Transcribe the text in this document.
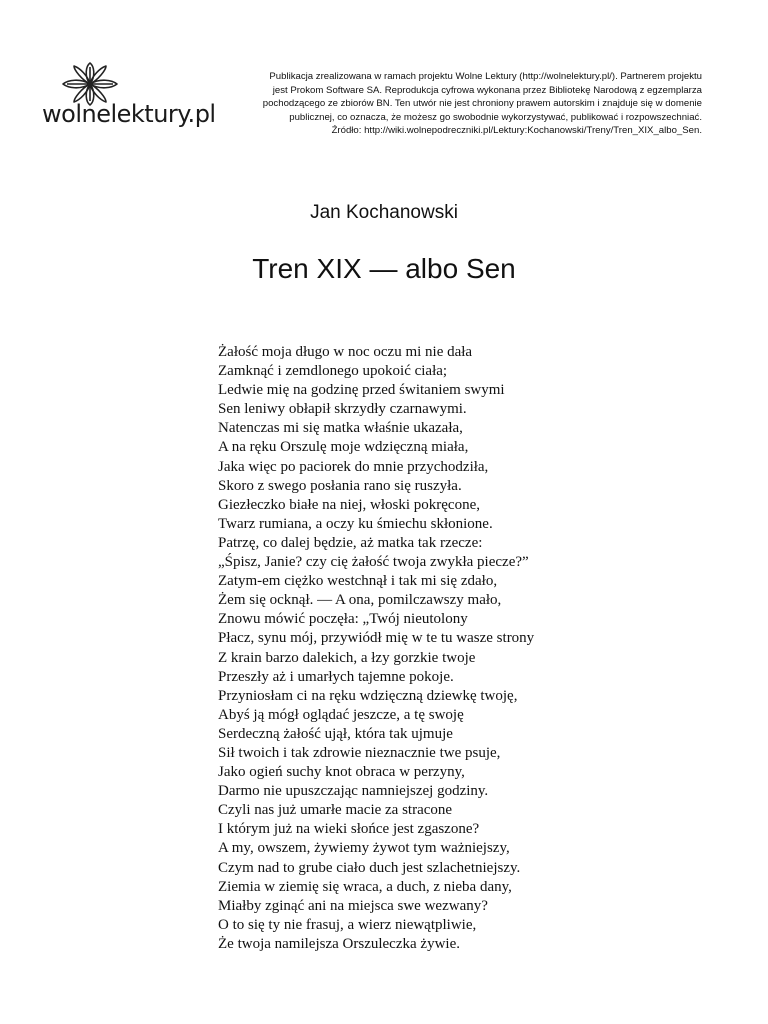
wolnelektury.pl
Publikacja zrealizowana w ramach projektu Wolne Lektury (http://wolnelektury.pl/). Partnerem projektu
jest Prokom Software SA. Reprodukcja cyfrowa wykonana przez Bibliotekę Narodową z egzemplarza
pochodzącego ze zbiorów BN. Ten utwór nie jest chroniony prawem autorskim i znajduje się w domenie
publicznej, co oznacza, że możesz go swobodnie wykorzystywać, publikować i rozpowszechniać.
Źródło: http://wiki.wolnepodreczniki.pl/Lektury:Kochanowski/Treny/Tren_XIX_albo_Sen.
Jan Kochanowski
Tren XIX — albo Sen
Żałość moja długo w noc oczu mi nie dała
Zamknąć i zemdlonego upokoić ciała;
Ledwie mię na godzinę przed świtaniem swymi
Sen leniwy obłapił skrzydły czarnawymi.
Natenczas mi się matka właśnie ukazała,
A na ręku Orszulę moje wdzięczną miała,
Jaka więc po paciorek do mnie przychodziła,
Skoro z swego posłania rano się ruszyła.
Giezłeczko białe na niej, włoski pokręcone,
Twarz rumiana, a oczy ku śmiechu skłonione.
Patrzę, co dalej będzie, aż matka tak rzecze:
„Śpisz, Janie? czy cię żałość twoja zwykła piecze?”
Zatym-em ciężko westchnął i tak mi się zdało,
Żem się ocknął. — A ona, pomilczawszy mało,
Znowu mówić poczęła: „Twój nieutolony
Płacz, synu mój, przywiódł mię w te tu wasze strony
Z krain barzo dalekich, a łzy gorzkie twoje
Przeszły aż i umarłych tajemne pokoje.
Przyniosłam ci na ręku wdzięczną dziewkę twoję,
Abyś ją mógł oglądać jeszcze, a tę swoję
Serdeczną żałość ujął, która tak ujmuje
Sił twoich i tak zdrowie nieznacznie twe psuje,
Jako ogień suchy knot obraca w perzyny,
Darmo nie upuszczając namniejszej godziny.
Czyli nas już umarłe macie za stracone
I którym już na wieki słońce jest zgaszone?
A my, owszem, żywiemy żywot tym ważniejszy,
Czym nad to grube ciało duch jest szlachetniejszy.
Ziemia w ziemię się wraca, a duch, z nieba dany,
Miałby zginąć ani na miejsca swe wezwany?
O to się ty nie frasuj, a wierz niewątpliwie,
Że twoja namilejsza Orszuleczka żywie.
